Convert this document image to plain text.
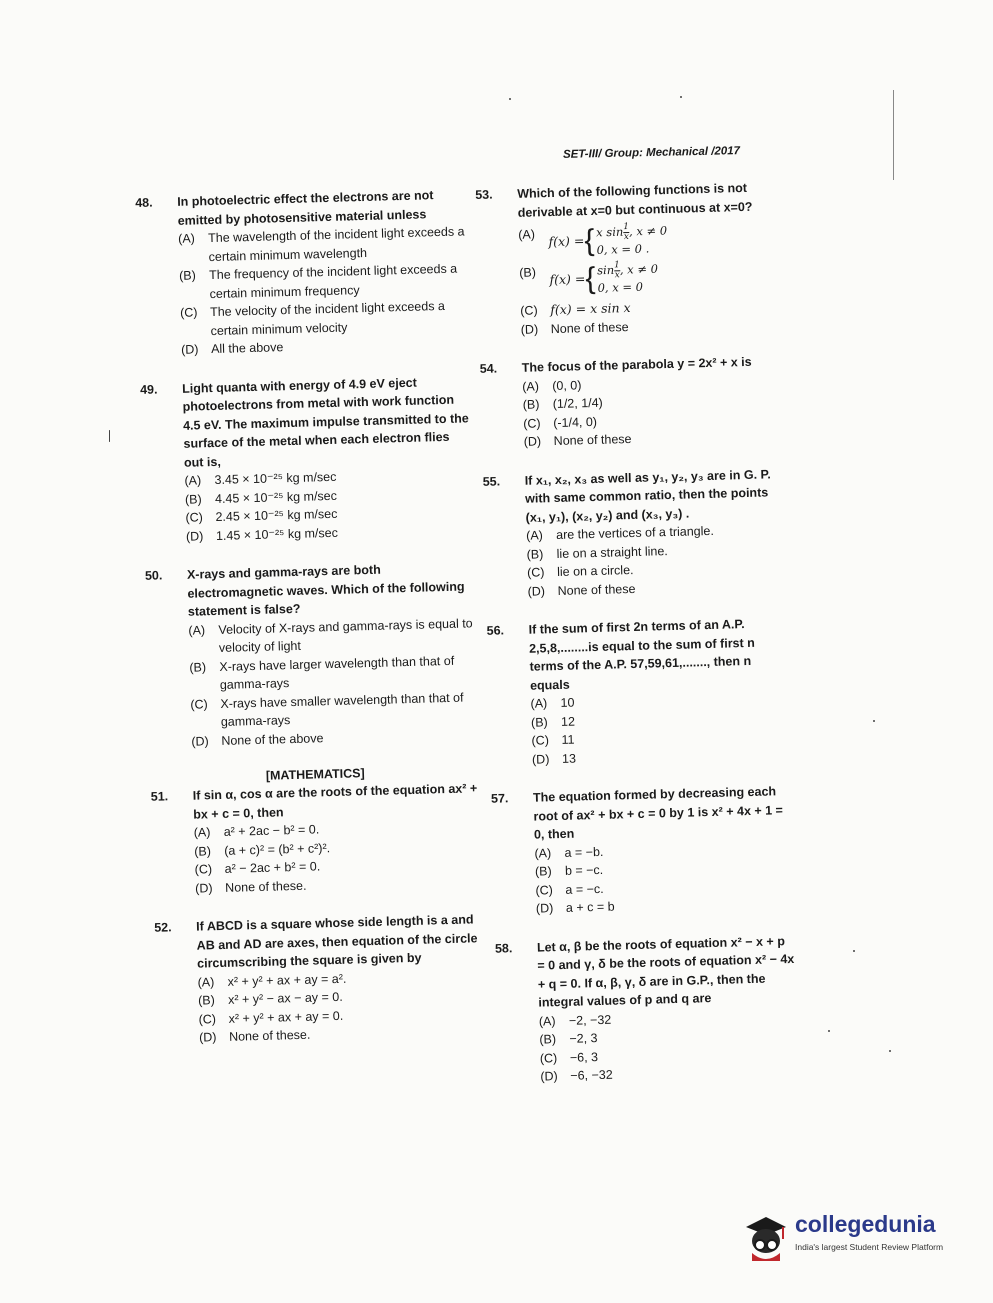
SET-III/ Group: Mechanical /2017
48. In photoelectric effect the electrons are not emitted by photosensitive material unless
(A)	The wavelength of the incident light exceeds a certain minimum wavelength
(B)	The frequency of the incident light exceeds a certain minimum frequency
(C) The velocity of the incident light exceeds a certain minimum velocity
(D) All the above
49. Light quanta with energy of 4.9 eV eject photoelectrons from metal with work function 4.5 eV. The maximum impulse transmitted to the surface of the metal when each electron flies out is,
(A)	3.45 × 10⁻²⁵ kg m/sec
(B)	4.45 × 10⁻²⁵ kg m/sec
(C) 2.45 × 10⁻²⁵ kg m/sec
(D) 1.45 × 10⁻²⁵ kg m/sec
50. X-rays and gamma-rays are both electromagnetic waves. Which of the following statement is false?
(A)	Velocity of X-rays and gamma-rays is equal to velocity of light
(B)	X-rays have larger wavelength than that of gamma-rays
(C) X-rays have smaller wavelength than that of gamma-rays
(D) None of the above
[MATHEMATICS]
51. If sin α, cos α are the roots of the equation ax² + bx + c = 0, then
(A)	a² + 2ac − b² = 0.
(B)	(a + c)² = (b² + c²)².
(C) a² − 2ac + b² = 0.
(D) None of these.
52. If ABCD is a square whose side length is a and AB and AD are axes, then equation of the circle circumscribing the square is given by
(A)	x² + y² + ax + ay = a².
(B)	x² + y² − ax − ay = 0.
(C) x² + y² + ax + ay = 0.
(D) None of these.
53. Which of the following functions is not derivable at x=0 but continuous at x=0?
(A)	f(x) = { x $\sin \frac{1}{x}$ , x ≠ 0
0, x = 0 .
(B)	f(x) = { $\sin \frac{1}{x}$ , x ≠ 0
0, x = 0
(C) f(x) = x sin x
(D) None of these
54. The focus of the parabola y = 2x² + x is
(A)	(0, 0)
(B)	(1/2, 1/4)
(C) (-1/4, 0)
(D) None of these
55. If x₁, x₂, x₃ as well as y₁, y₂, y₃ are in G. P. with same common ratio, then the points (x₁, y₁), (x₂, y₂) and (x₃, y₃) .
(A)	are the vertices of a triangle.
(B)	lie on a straight line.
(C) lie on a circle.
(D) None of these
56. If the sum of first 2n terms of an A.P. 2,5,8,........is equal to the sum of first n terms of the A.P. 57,59,61,......., then n equals
(A)	10
(B)	12
(C) 11
(D) 13
57. The equation formed by decreasing each root of ax² + bx + c = 0 by 1 is x² + 4x + 1 = 0, then
(A)	a = −b.
(B)	b = −c.
(C) a = −c.
(D) a + c = b
58. Let α, β be the roots of equation x² − x + p = 0 and γ, δ be the roots of equation x² − 4x + q = 0. If α, β, γ, δ are in G.P., then the integral values of p and q are
(A)	−2, −32
(B)	−2, 3
(C) −6, 3
(D) −6, −32
collegedunia
India's largest Student Review Platform
